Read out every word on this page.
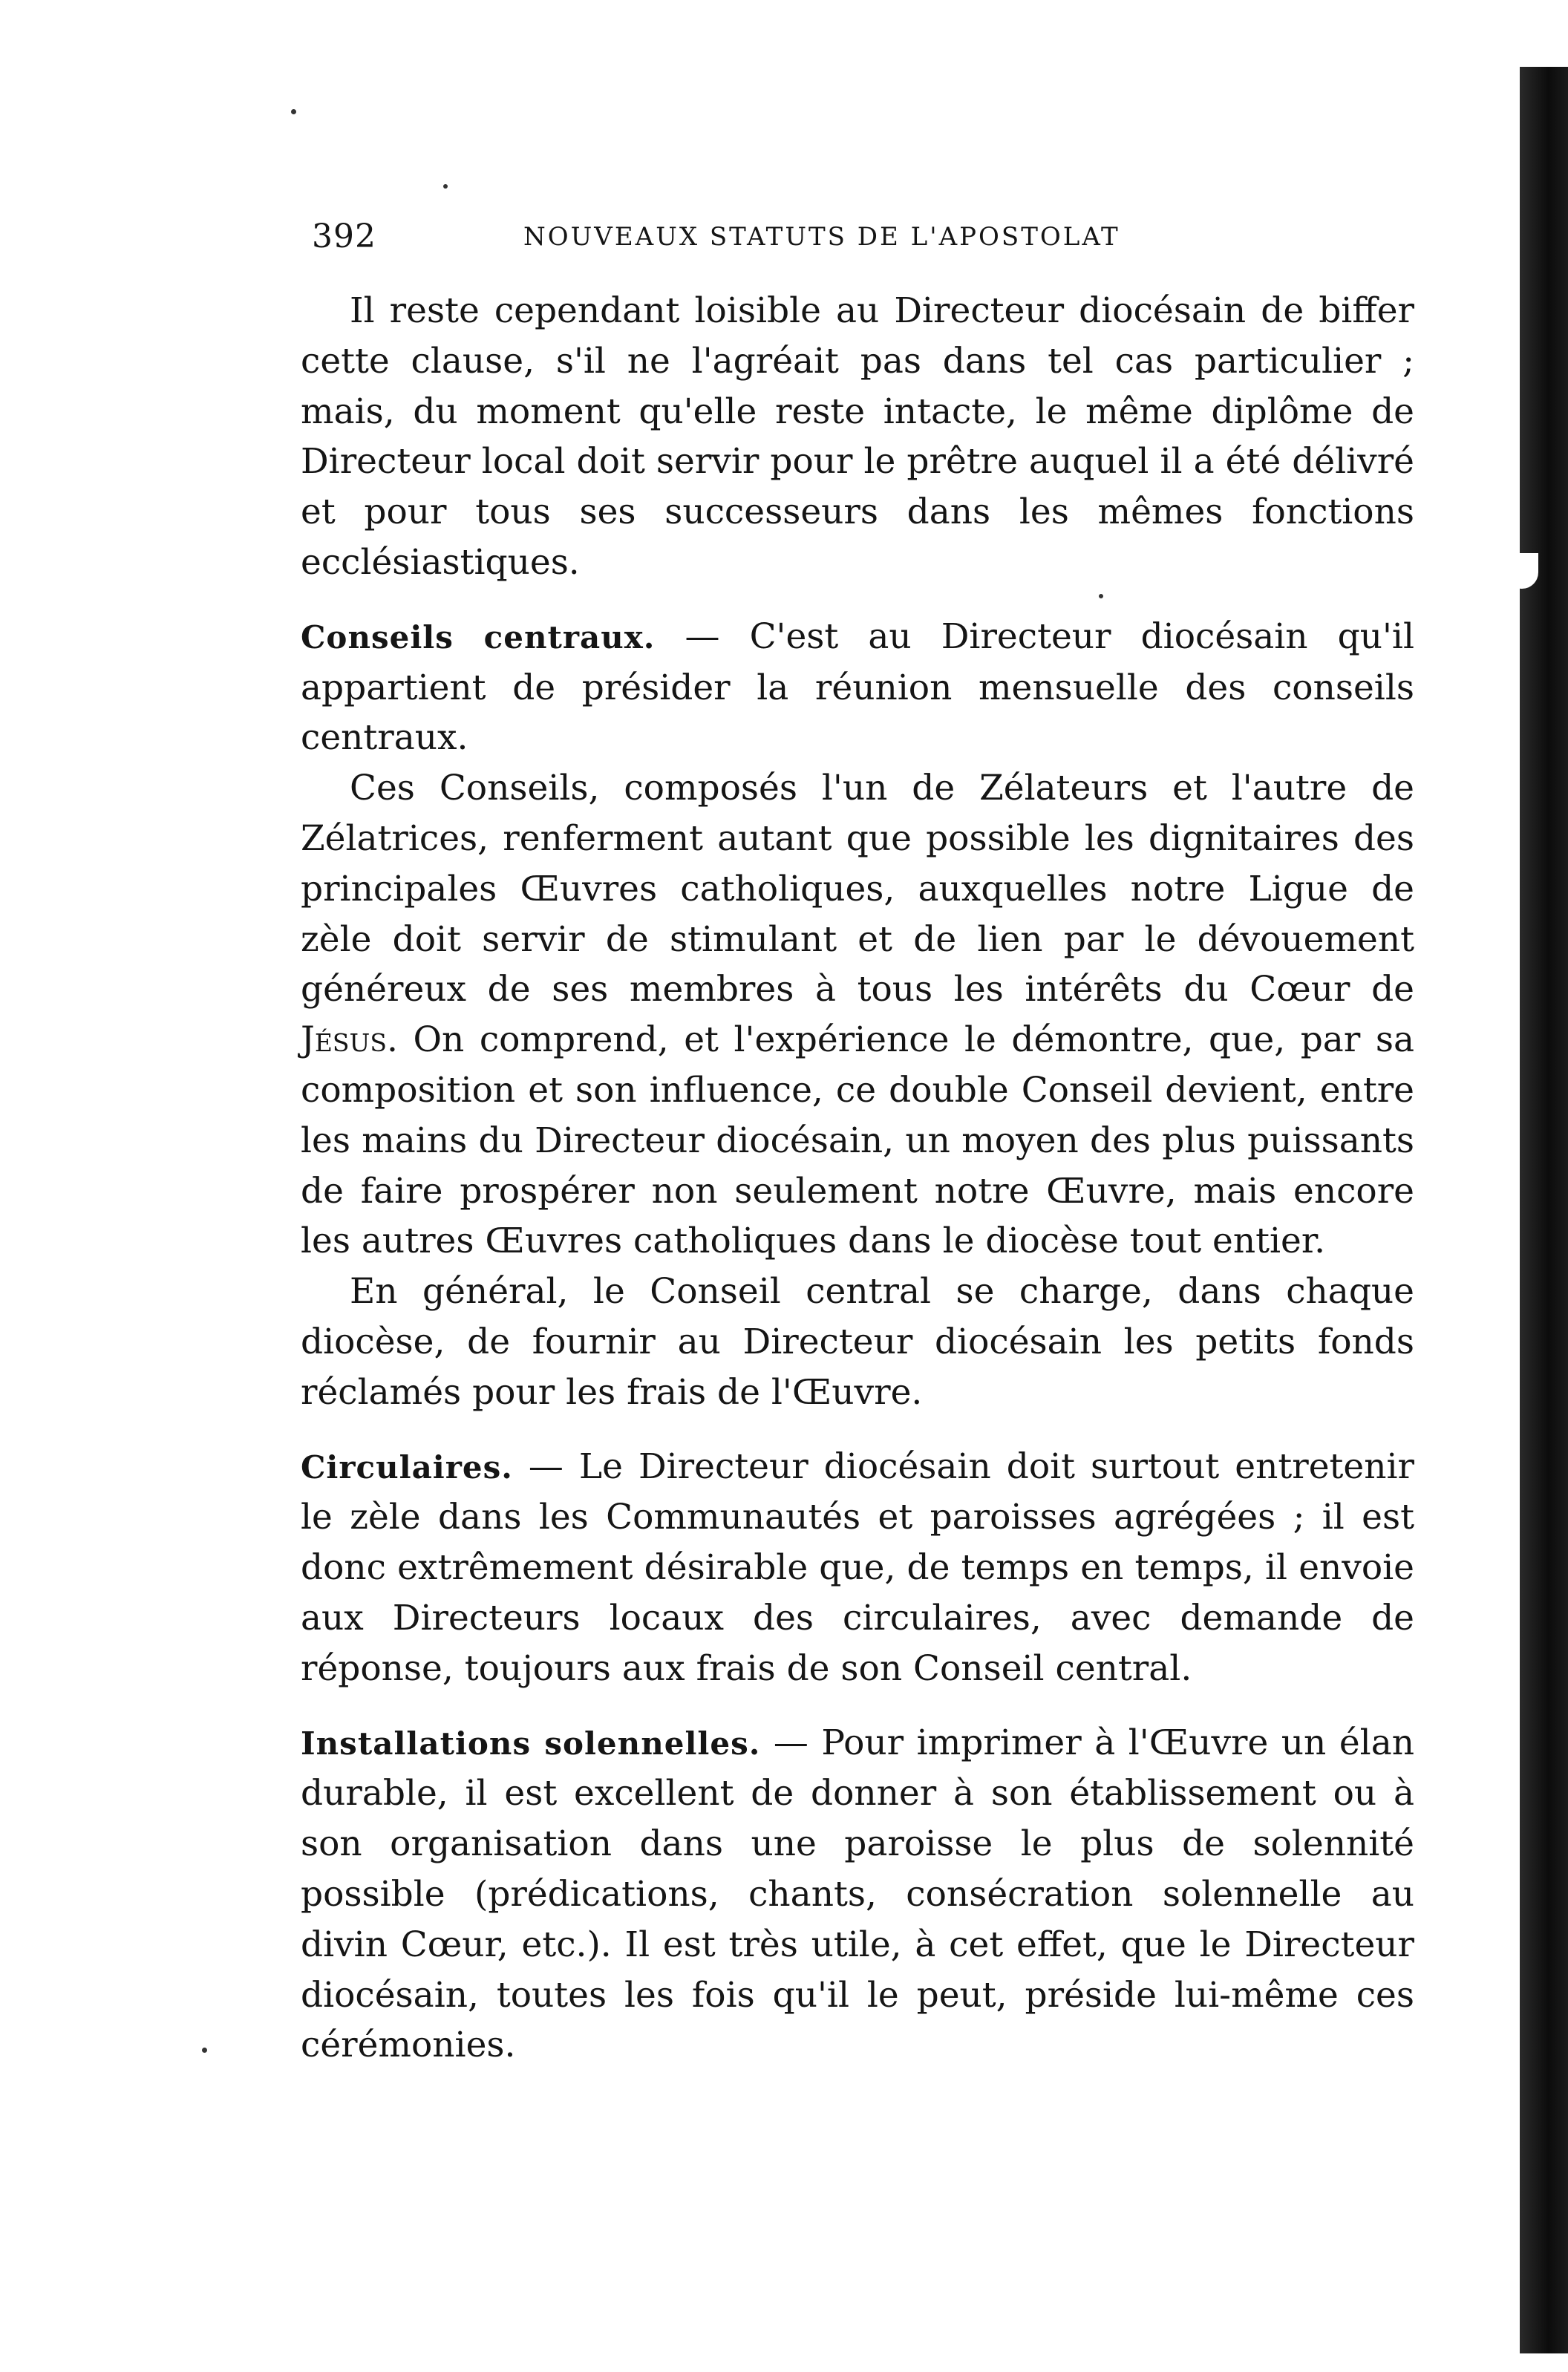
392	NOUVEAUX STATUTS DE L'APOSTOLAT

Il reste cependant loisible au Directeur diocésain de biffer cette clause, s'il ne l'agréait pas dans tel cas particulier ; mais, du moment qu'elle reste intacte, le même diplôme de Directeur local doit servir pour le prêtre auquel il a été délivré et pour tous ses successeurs dans les mêmes fonctions ecclésiastiques.

Conseils centraux. — C'est au Directeur diocésain qu'il appartient de présider la réunion mensuelle des conseils centraux.

Ces Conseils, composés l'un de Zélateurs et l'autre de Zélatrices, renferment autant que possible les dignitaires des principales Œuvres catholiques, auxquelles notre Ligue de zèle doit servir de stimulant et de lien par le dévouement généreux de ses membres à tous les intérêts du Cœur de Jésus. On comprend, et l'expérience le démontre, que, par sa composition et son influence, ce double Conseil devient, entre les mains du Directeur diocésain, un moyen des plus puissants de faire prospérer non seulement notre Œuvre, mais encore les autres Œuvres catholiques dans le diocèse tout entier.

En général, le Conseil central se charge, dans chaque diocèse, de fournir au Directeur diocésain les petits fonds réclamés pour les frais de l'Œuvre.

Circulaires. — Le Directeur diocésain doit surtout entretenir le zèle dans les Communautés et paroisses agrégées ; il est donc extrêmement désirable que, de temps en temps, il envoie aux Directeurs locaux des circulaires, avec demande de réponse, toujours aux frais de son Conseil central.

Installations solennelles. — Pour imprimer à l'Œuvre un élan durable, il est excellent de donner à son établissement ou à son organisation dans une paroisse le plus de solennité possible (prédications, chants, consécration solennelle au divin Cœur, etc.). Il est très utile, à cet effet, que le Directeur diocésain, toutes les fois qu'il le peut, préside lui-même ces cérémonies.
